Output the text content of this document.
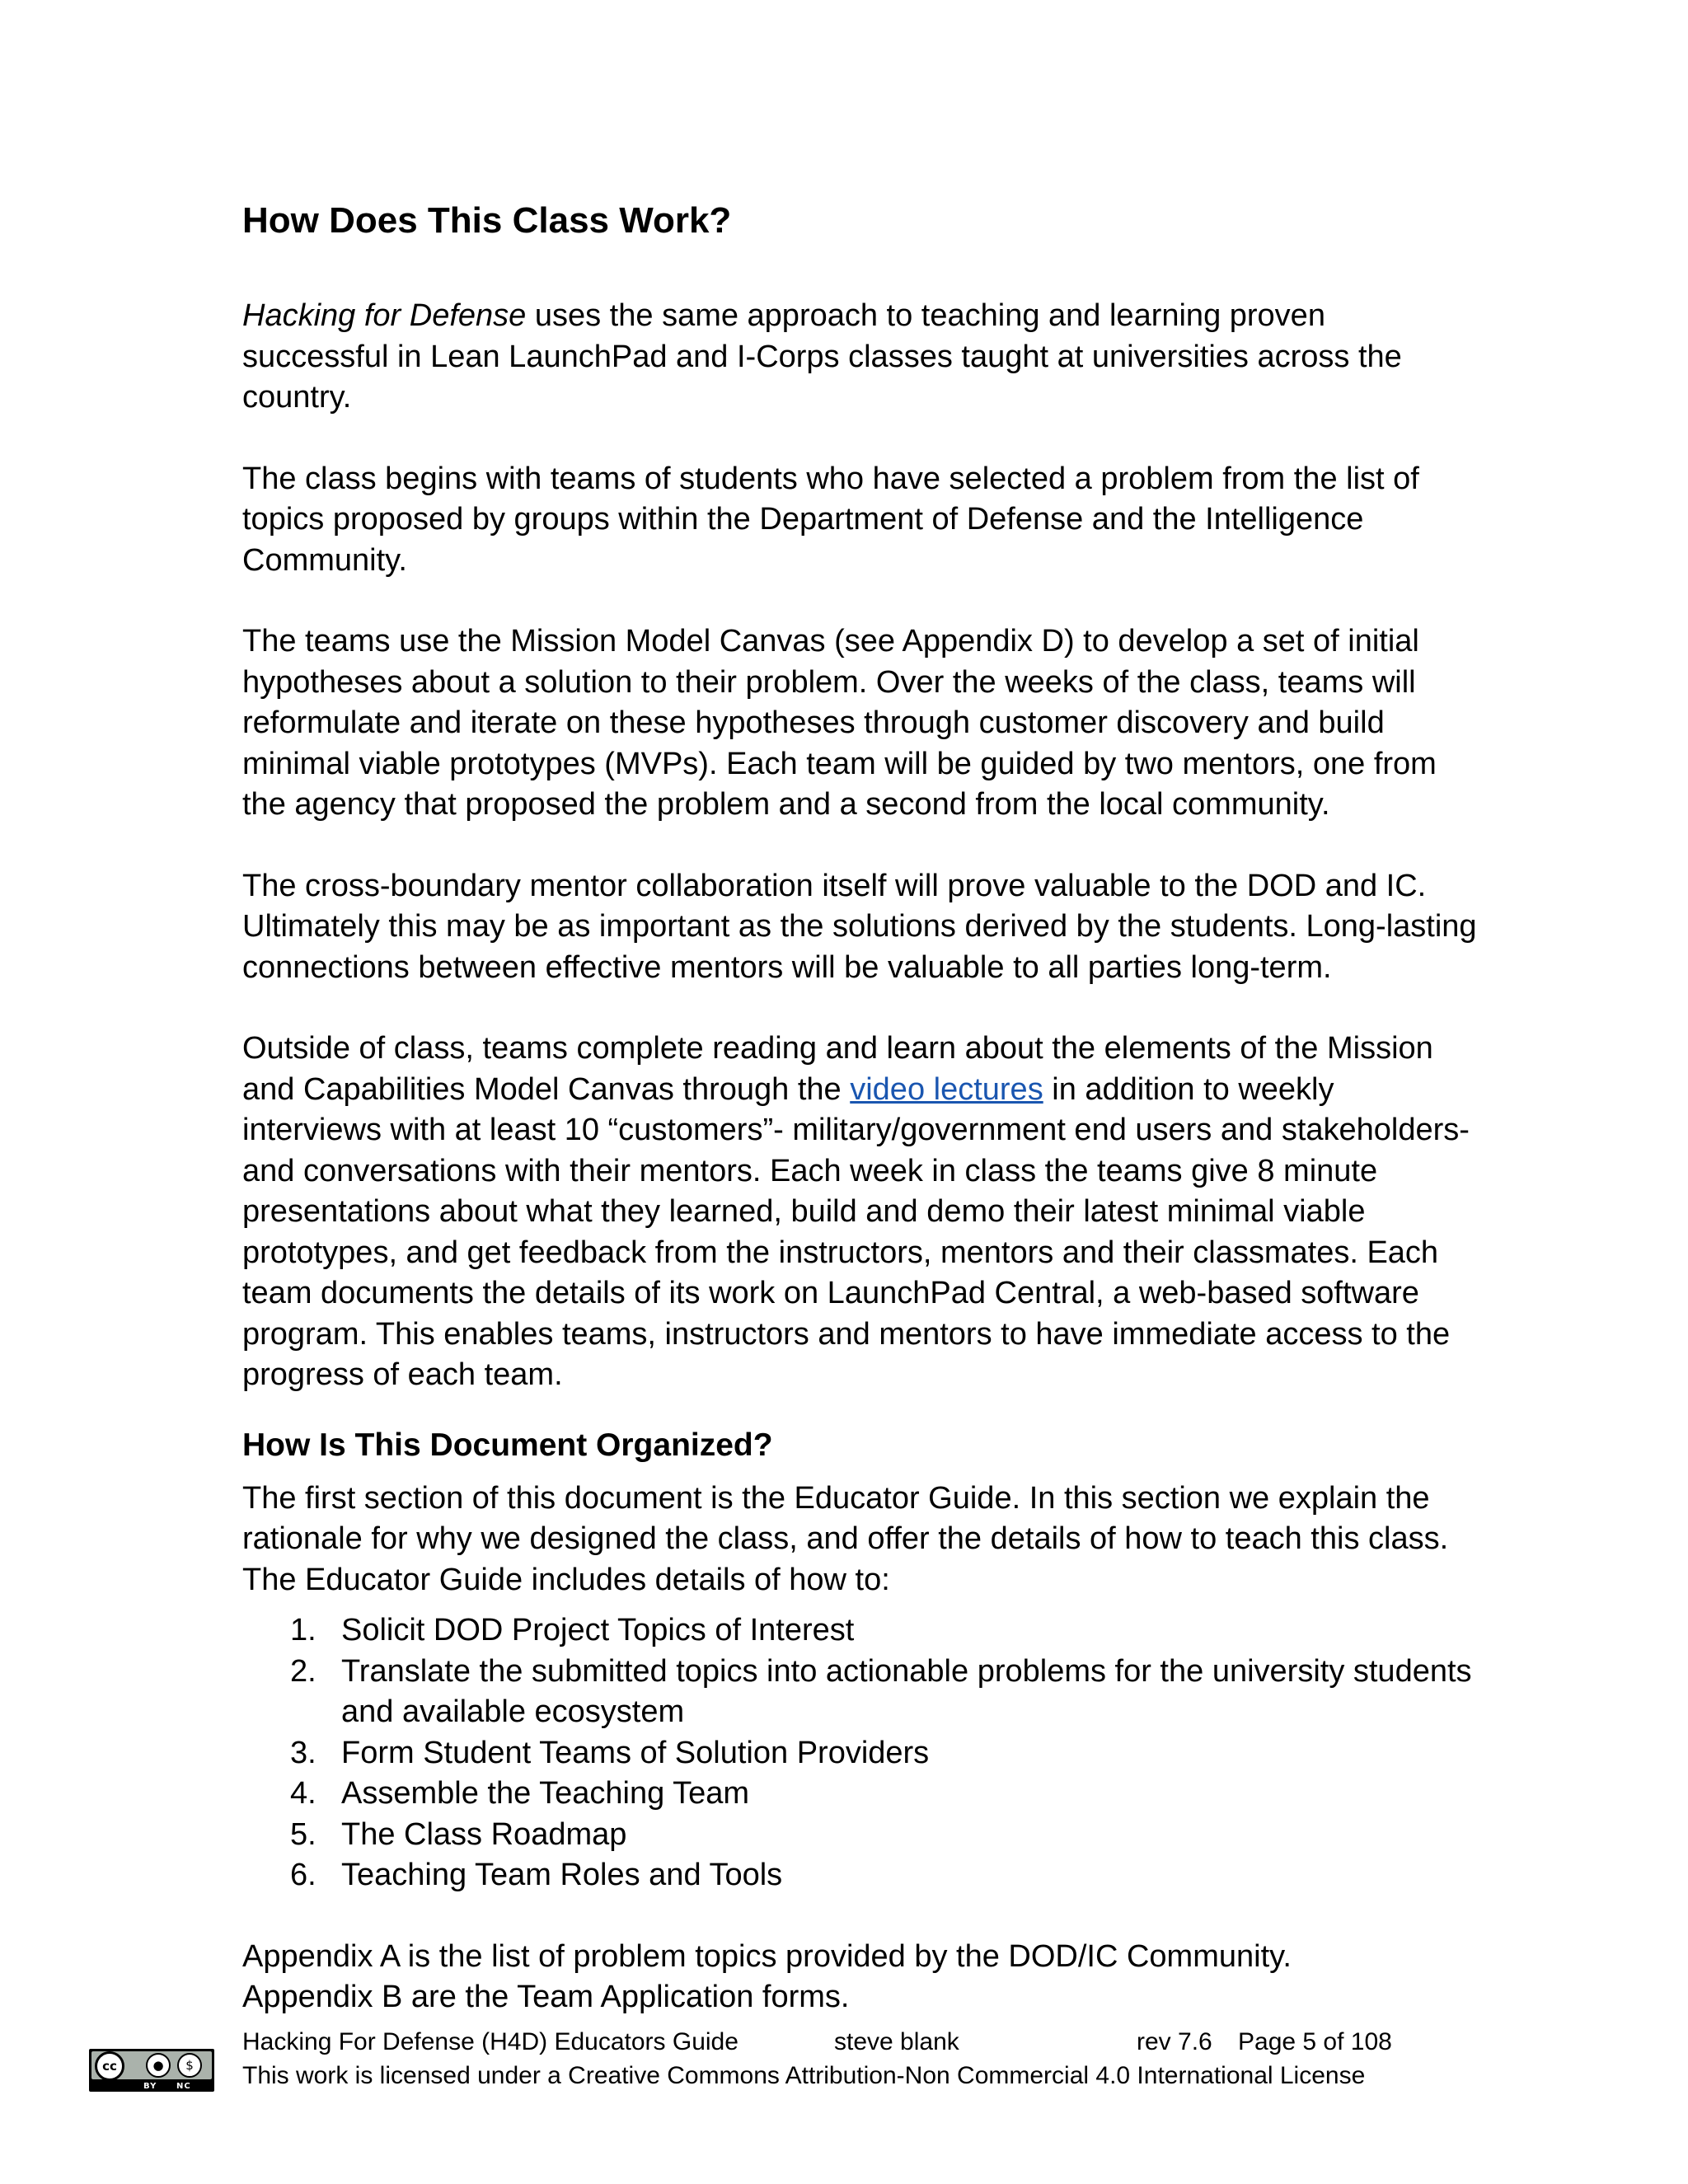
How Does This Class Work?

Hacking for Defense uses the same approach to teaching and learning proven successful in Lean LaunchPad and I-Corps classes taught at universities across the country.

The class begins with teams of students who have selected a problem from the list of topics proposed by groups within the Department of Defense and the Intelligence Community.

The teams use the Mission Model Canvas (see Appendix D) to develop a set of initial hypotheses about a solution to their problem. Over the weeks of the class, teams will reformulate and iterate on these hypotheses through customer discovery and build minimal viable prototypes (MVPs). Each team will be guided by two mentors, one from the agency that proposed the problem and a second from the local community.

The cross-boundary mentor collaboration itself will prove valuable to the DOD and IC. Ultimately this may be as important as the solutions derived by the students. Long-lasting connections between effective mentors will be valuable to all parties long-term.

Outside of class, teams complete reading and learn about the elements of the Mission and Capabilities Model Canvas through the video lectures in addition to weekly interviews with at least 10 “customers”- military/government end users and stakeholders- and conversations with their mentors. Each week in class the teams give 8 minute presentations about what they learned, build and demo their latest minimal viable prototypes, and get feedback from the instructors, mentors and their classmates. Each team documents the details of its work on LaunchPad Central, a web-based software program. This enables teams, instructors and mentors to have immediate access to the progress of each team.

How Is This Document Organized?

The first section of this document is the Educator Guide. In this section we explain the rationale for why we designed the class, and offer the details of how to teach this class. The Educator Guide includes details of how to:

1. Solicit DOD Project Topics of Interest
2. Translate the submitted topics into actionable problems for the university students and available ecosystem
3. Form Student Teams of Solution Providers
4. Assemble the Teaching Team
5. The Class Roadmap
6. Teaching Team Roles and Tools

Appendix A is the list of problem topics provided by the DOD/IC Community.

Appendix B are the Team Application forms.

cc	●	$
BY NC
Hacking For Defense (H4D) Educators Guide	steve blank	rev 7.6 Page 5 of 108
This work is licensed under a Creative Commons Attribution-Non Commercial 4.0 International License
